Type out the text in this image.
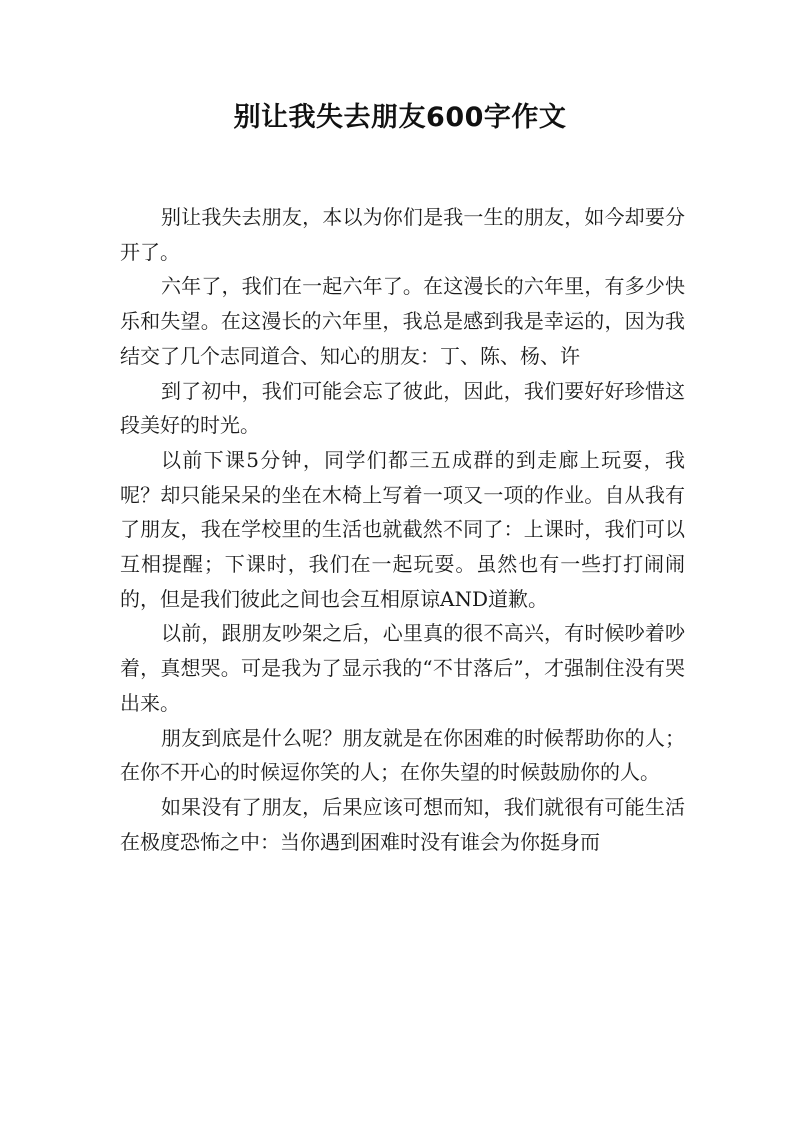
别让我失去朋友600字作文

别让我失去朋友，本以为你们是我一生的朋友，如今却要分开了。

六年了，我们在一起六年了。在这漫长的六年里，有多少快乐和失望。在这漫长的六年里，我总是感到我是幸运的，因为我结交了几个志同道合、知心的朋友：丁、陈、杨、许

到了初中，我们可能会忘了彼此，因此，我们要好好珍惜这段美好的时光。

以前下课5分钟，同学们都三五成群的到走廊上玩耍，我呢？却只能呆呆的坐在木椅上写着一项又一项的作业。自从我有了朋友，我在学校里的生活也就截然不同了：上课时，我们可以互相提醒；下课时，我们在一起玩耍。虽然也有一些打打闹闹的，但是我们彼此之间也会互相原谅AND道歉。

以前，跟朋友吵架之后，心里真的很不高兴，有时候吵着吵着，真想哭。可是我为了显示我的“不甘落后”，才强制住没有哭出来。

朋友到底是什么呢？朋友就是在你困难的时候帮助你的人；在你不开心的时候逗你笑的人；在你失望的时候鼓励你的人。

如果没有了朋友，后果应该可想而知，我们就很有可能生活在极度恐怖之中：当你遇到困难时没有谁会为你挺身而
